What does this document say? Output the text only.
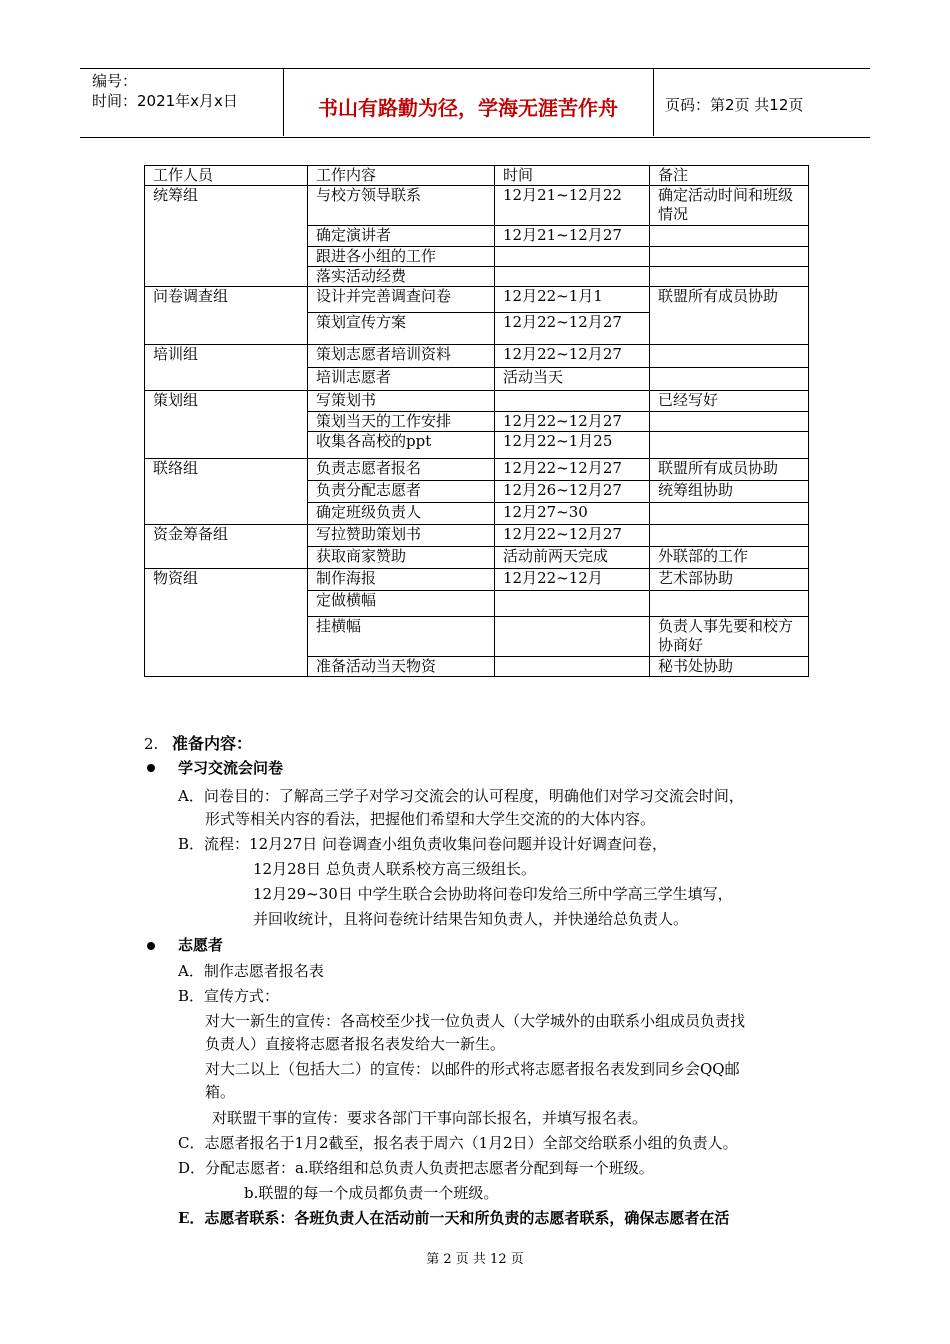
编号：
时间：2021年x月x日	书山有路勤为径，学海无涯苦作舟	页码：第2页 共12页
工作人员	工作内容	时间	备注
统筹组	与校方领导联系	12月21~12月22	确定活动时间和班级情况
	确定演讲者	12月21~12月27	
	跟进各小组的工作		
	落实活动经费		
问卷调查组	设计并完善调查问卷	12月22~1月1	联盟所有成员协助
	策划宣传方案	12月22~12月27	
培训组	策划志愿者培训资料	12月22~12月27	
	培训志愿者	活动当天	
策划组	写策划书		已经写好
	策划当天的工作安排	12月22~12月27	
	收集各高校的ppt	12月22~1月25	
联络组	负责志愿者报名	12月22~12月27	联盟所有成员协助
	负责分配志愿者	12月26~12月27	统筹组协助
	确定班级负责人	12月27~30	
资金筹备组	写拉赞助策划书	12月22~12月27	
	获取商家赞助	活动前两天完成	外联部的工作
物资组	制作海报	12月22~12月	艺术部协助
	定做横幅		
	挂横幅		负责人事先要和校方协商好
	准备活动当天物资		秘书处协助
2. 准备内容：
学习交流会问卷
A．问卷目的：了解高三学子对学习交流会的认可程度，明确他们对学习交流会时间，
形式等相关内容的看法，把握他们希望和大学生交流的的大体内容。
B．流程：12月27日 问卷调查小组负责收集问卷问题并设计好调查问卷，
12月28日 总负责人联系校方高三级组长。
12月29~30日 中学生联合会协助将问卷印发给三所中学高三学生填写，
并回收统计，且将问卷统计结果告知负责人，并快递给总负责人。
志愿者
A．制作志愿者报名表
B．宣传方式：
对大一新生的宣传：各高校至少找一位负责人（大学城外的由联系小组成员负责找
负责人）直接将志愿者报名表发给大一新生。
对大二以上（包括大二）的宣传：以邮件的形式将志愿者报名表发到同乡会QQ邮
箱。
对联盟干事的宣传：要求各部门干事向部长报名，并填写报名表。
C．志愿者报名于1月2截至，报名表于周六（1月2日）全部交给联系小组的负责人。
D．分配志愿者：a.联络组和总负责人负责把志愿者分配到每一个班级。
b.联盟的每一个成员都负责一个班级。
E．志愿者联系：各班负责人在活动前一天和所负责的志愿者联系，确保志愿者在活
第 2 页 共 12 页
